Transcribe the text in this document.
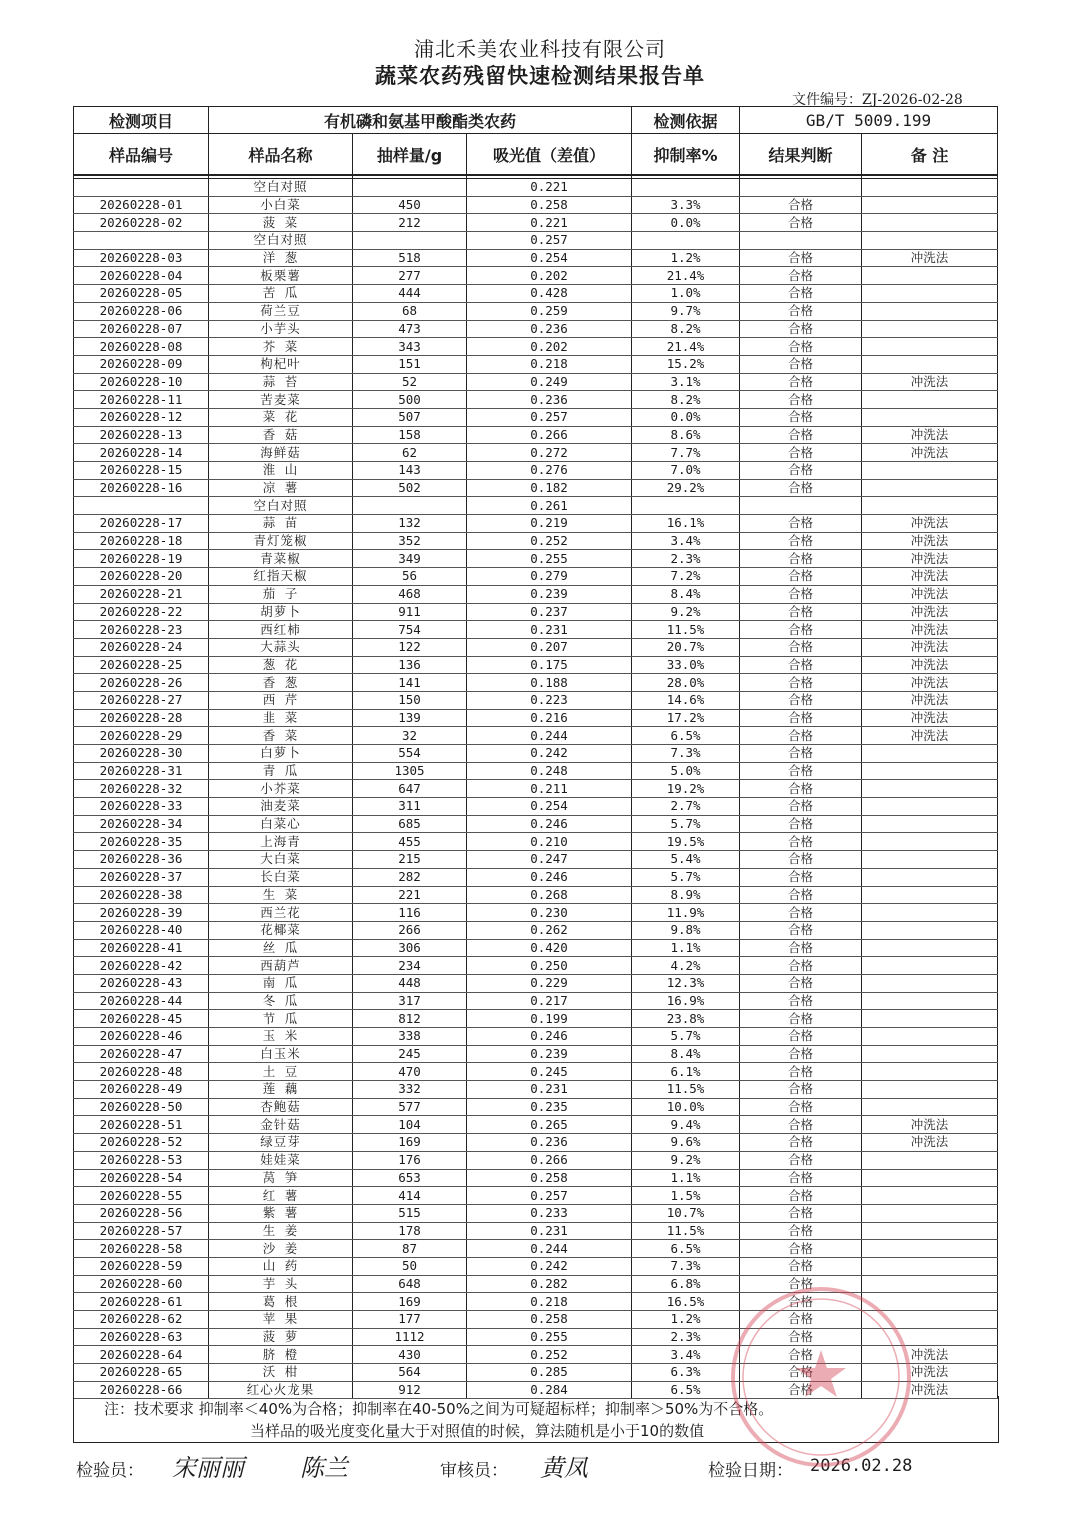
浦北禾美农业科技有限公司
蔬菜农药残留快速检测结果报告单
文件编号：ZJ-2026-02-28
检测项目	有机磷和氨基甲酸酯类农药			检测依据	GB/T 5009.199	
样品编号	样品名称	抽样量/g	吸光值（差值）	抑制率%	结果判断	备 注

	空白对照		0.221			
20260228-01	小白菜	450	0.258	3.3%	合格	
20260228-02	菠 菜	212	0.221	0.0%	合格	
	空白对照		0.257			
20260228-03	洋 葱	518	0.254	1.2%	合格	冲洗法
20260228-04	板栗薯	277	0.202	21.4%	合格	
20260228-05	苦 瓜	444	0.428	1.0%	合格	
20260228-06	荷兰豆	68	0.259	9.7%	合格	
20260228-07	小芋头	473	0.236	8.2%	合格	
20260228-08	芥 菜	343	0.202	21.4%	合格	
20260228-09	枸杞叶	151	0.218	15.2%	合格	
20260228-10	蒜 苔	52	0.249	3.1%	合格	冲洗法
20260228-11	苦麦菜	500	0.236	8.2%	合格	
20260228-12	菜 花	507	0.257	0.0%	合格	
20260228-13	香 菇	158	0.266	8.6%	合格	冲洗法
20260228-14	海鲜菇	62	0.272	7.7%	合格	冲洗法
20260228-15	淮 山	143	0.276	7.0%	合格	
20260228-16	凉 薯	502	0.182	29.2%	合格	
	空白对照		0.261			
20260228-17	蒜 苗	132	0.219	16.1%	合格	冲洗法
20260228-18	青灯笼椒	352	0.252	3.4%	合格	冲洗法
20260228-19	青菜椒	349	0.255	2.3%	合格	冲洗法
20260228-20	红指天椒	56	0.279	7.2%	合格	冲洗法
20260228-21	茄 子	468	0.239	8.4%	合格	冲洗法
20260228-22	胡萝卜	911	0.237	9.2%	合格	冲洗法
20260228-23	西红柿	754	0.231	11.5%	合格	冲洗法
20260228-24	大蒜头	122	0.207	20.7%	合格	冲洗法
20260228-25	葱 花	136	0.175	33.0%	合格	冲洗法
20260228-26	香 葱	141	0.188	28.0%	合格	冲洗法
20260228-27	西 芹	150	0.223	14.6%	合格	冲洗法
20260228-28	韭 菜	139	0.216	17.2%	合格	冲洗法
20260228-29	香 菜	32	0.244	6.5%	合格	冲洗法
20260228-30	白萝卜	554	0.242	7.3%	合格	
20260228-31	青 瓜	1305	0.248	5.0%	合格	
20260228-32	小芥菜	647	0.211	19.2%	合格	
20260228-33	油麦菜	311	0.254	2.7%	合格	
20260228-34	白菜心	685	0.246	5.7%	合格	
20260228-35	上海青	455	0.210	19.5%	合格	
20260228-36	大白菜	215	0.247	5.4%	合格	
20260228-37	长白菜	282	0.246	5.7%	合格	
20260228-38	生 菜	221	0.268	8.9%	合格	
20260228-39	西兰花	116	0.230	11.9%	合格	
20260228-40	花椰菜	266	0.262	9.8%	合格	
20260228-41	丝 瓜	306	0.420	1.1%	合格	
20260228-42	西葫芦	234	0.250	4.2%	合格	
20260228-43	南 瓜	448	0.229	12.3%	合格	
20260228-44	冬 瓜	317	0.217	16.9%	合格	
20260228-45	节 瓜	812	0.199	23.8%	合格	
20260228-46	玉 米	338	0.246	5.7%	合格	
20260228-47	白玉米	245	0.239	8.4%	合格	
20260228-48	土 豆	470	0.245	6.1%	合格	
20260228-49	莲 藕	332	0.231	11.5%	合格	
20260228-50	杏鲍菇	577	0.235	10.0%	合格	
20260228-51	金针菇	104	0.265	9.4%	合格	冲洗法
20260228-52	绿豆芽	169	0.236	9.6%	合格	冲洗法
20260228-53	娃娃菜	176	0.266	9.2%	合格	
20260228-54	莴 笋	653	0.258	1.1%	合格	
20260228-55	红 薯	414	0.257	1.5%	合格	
20260228-56	紫 薯	515	0.233	10.7%	合格	
20260228-57	生 姜	178	0.231	11.5%	合格	
20260228-58	沙 姜	87	0.244	6.5%	合格	
20260228-59	山 药	50	0.242	7.3%	合格	
20260228-60	芋 头	648	0.282	6.8%	合格	
20260228-61	葛 根	169	0.218	16.5%	合格	
20260228-62	苹 果	177	0.258	1.2%	合格	
20260228-63	菠 萝	1112	0.255	2.3%	合格	
20260228-64	脐 橙	430	0.252	3.4%	合格	冲洗法
20260228-65	沃 柑	564	0.285	6.3%	合格	冲洗法
20260228-66	红心火龙果	912	0.284	6.5%	合格	冲洗法
注：技术要求 抑制率＜40%为合格；抑制率在40-50%之间为可疑超标样；抑制率＞50%为不合格。
当样品的吸光度变化量大于对照值的时候，算法随机是小于10的数值
检验员： 宋丽丽 陈兰	审核员： 黄凤	检验日期： 2026.02.28
